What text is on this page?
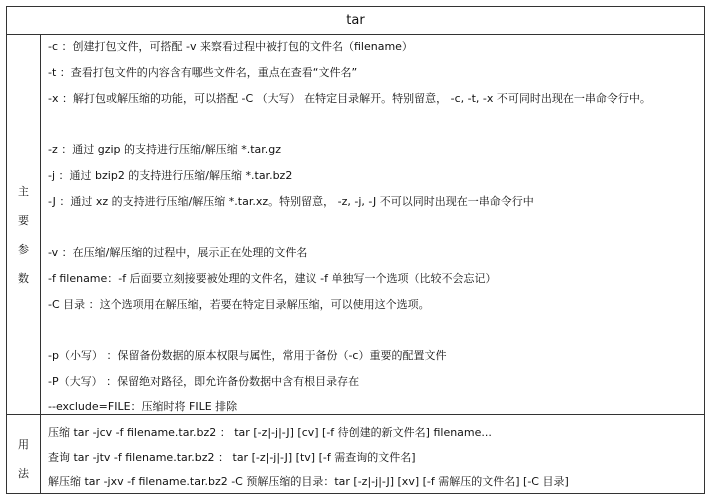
tar
主
要
参
数
用
法
-c ：创建打包文件，可搭配 -v 来察看过程中被打包的文件名（filename）
-t ：查看打包文件的内容含有哪些文件名，重点在查看“文件名”
-x ：解打包或解压缩的功能，可以搭配 -C （大写） 在特定目录解开。特别留意， -c, -t, -x 不可同时出现在一串命令行中。
-z ：通过 gzip 的支持进行压缩/解压缩 *.tar.gz
-j ：通过 bzip2 的支持进行压缩/解压缩 *.tar.bz2
-J ：通过 xz 的支持进行压缩/解压缩 *.tar.xz。特别留意， -z, -j, -J 不可以同时出现在一串命令行中
-v ：在压缩/解压缩的过程中，展示正在处理的文件名
-f filename：-f 后面要立刻接要被处理的文件名，建议 -f 单独写一个选项（比较不会忘记）
-C 目录 ：这个选项用在解压缩，若要在特定目录解压缩，可以使用这个选项。
-p（小写） ：保留备份数据的原本权限与属性，常用于备份（-c）重要的配置文件
-P（大写） ：保留绝对路径，即允许备份数据中含有根目录存在
--exclude=FILE：压缩时将 FILE 排除
压缩 tar -jcv -f filename.tar.bz2 ： tar [-z|-j|-J] [cv] [-f 待创建的新文件名] filename...
查询 tar -jtv -f filename.tar.bz2 ： tar [-z|-j|-J] [tv] [-f 需查询的文件名]
解压缩 tar -jxv -f filename.tar.bz2 -C 预解压缩的目录：tar [-z|-j|-J] [xv] [-f 需解压的文件名] [-C 目录]
